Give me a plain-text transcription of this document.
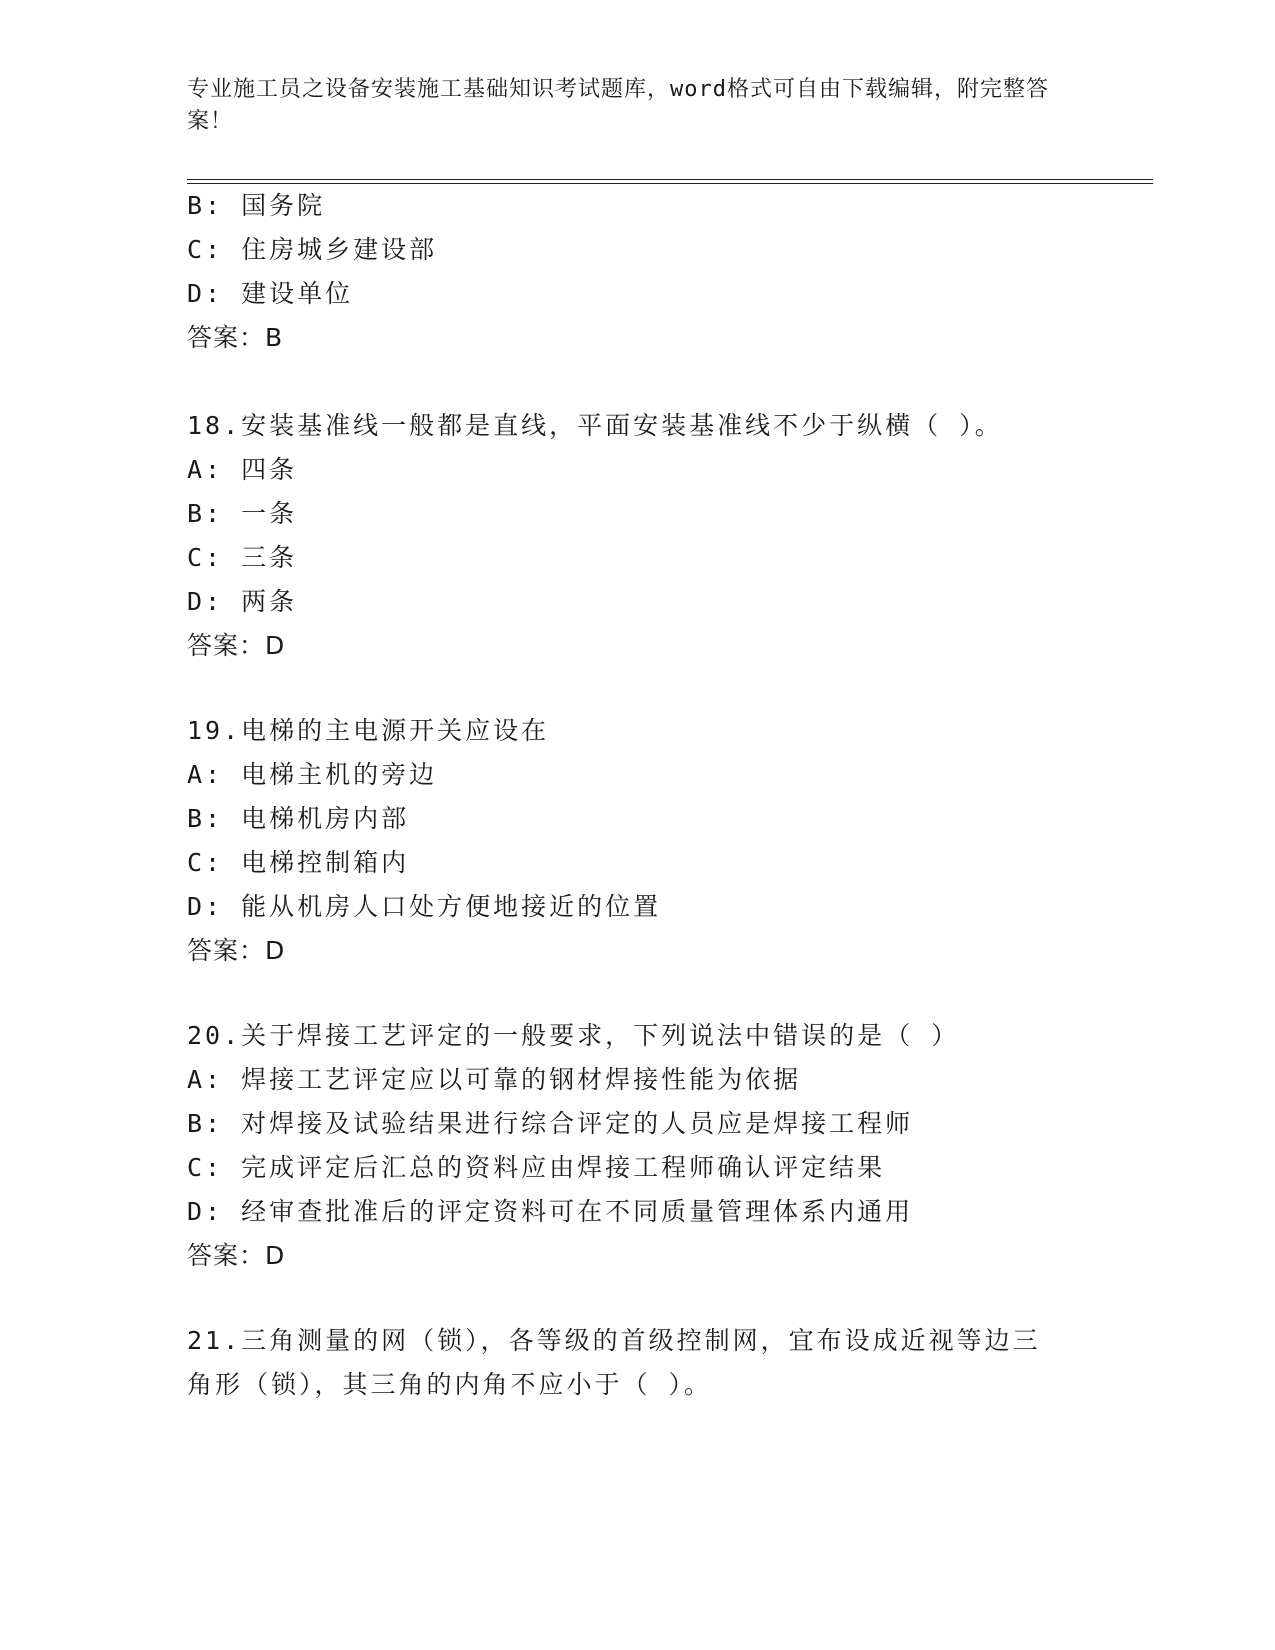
专业施工员之设备安装施工基础知识考试题库，word格式可自由下载编辑，附完整答案！
B: 国务院
C: 住房城乡建设部
D: 建设单位
答案：B
18.安装基准线一般都是直线，平面安装基准线不少于纵横（ ）。
A: 四条
B: 一条
C: 三条
D: 两条
答案：D
19.电梯的主电源开关应设在
A: 电梯主机的旁边
B: 电梯机房内部
C: 电梯控制箱内
D: 能从机房人口处方便地接近的位置
答案：D
20.关于焊接工艺评定的一般要求，下列说法中错误的是（ ）
A: 焊接工艺评定应以可靠的钢材焊接性能为依据
B: 对焊接及试验结果进行综合评定的人员应是焊接工程师
C: 完成评定后汇总的资料应由焊接工程师确认评定结果
D: 经审查批准后的评定资料可在不同质量管理体系内通用
答案：D
21.三角测量的网（锁），各等级的首级控制网，宜布设成近视等边三
角形（锁），其三角的内角不应小于（ ）。
